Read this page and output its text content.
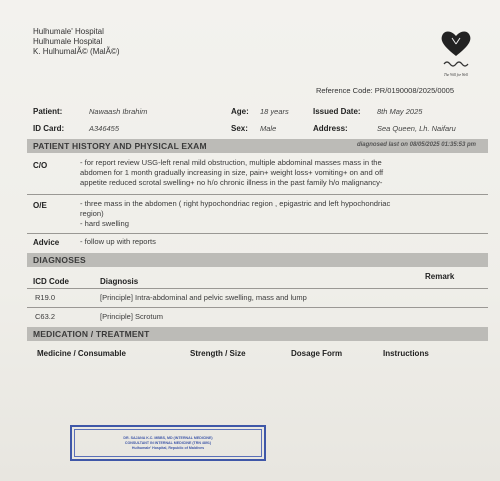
Hulhumale' Hospital
Hulhumale Hospital
K. HulhumalÃ© (MalÃ©)
The Will for Well
Reference Code: PR/0190008/2025/0005
Patient:	Nawaash Ibrahim	Age: 18 years	Issued Date: 8th May 2025
ID Card:	A346455	Sex: Male	Address:	Sea Queen, Lh. Naifaru
PATIENT HISTORY AND PHYSICAL EXAM	diagnosed last on 08/05/2025 01:35:53 pm
C/O	- for report review USG-left renal mild obstruction, multiple abdominal masses mass in the
abdomen for 1 month gradually increasing in size, pain+ weight loss+ vomiting+ on and off
appetite reduced scrotal swelling+ no h/o chronic illness in the past family h/o malignancy-
O/E	- three mass in the abdomen ( right hypochondriac region , epigastric and left hypochondriac
region)
- hard swelling
Advice	- follow up with reports
DIAGNOSES
ICD Code	Diagnosis
Remark
R19.0	[Principle] Intra-abdominal and pelvic swelling, mass and lump
C63.2	[Principle] Scrotum
MEDICATION / TREATMENT
Medicine / Consumable	Strength / Size	Dosage Form	Instructions
DR. SAJANA K.C. MBBS, MD (INTERNAL MEDICINE)
CONSULTANT IN INTERNAL MEDICINE (TRN 4891)
Hulhumale' Hospital, Republic of Maldives
